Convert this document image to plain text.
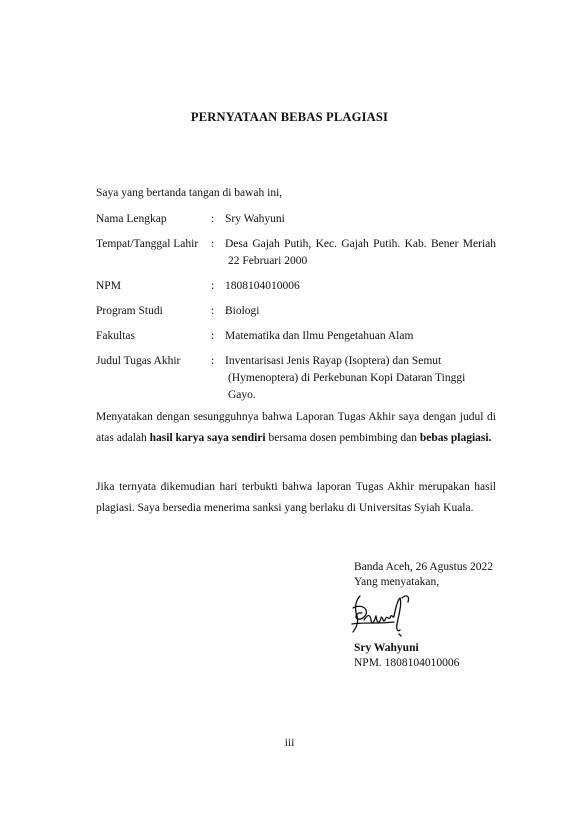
PERNYATAAN BEBAS PLAGIASI
Saya yang bertanda tangan di bawah ini,
Nama Lengkap	: Sry Wahyuni
Tempat/Tanggal Lahir	: Desa Gajah Putih, Kec. Gajah Putih. Kab. Bener Meriah
22 Februari 2000
NPM	: 1808104010006
Program Studi	: Biologi
Fakultas	: Matematika dan Ilmu Pengetahuan Alam
Judul Tugas Akhir	: Inventarisasi Jenis Rayap (Isoptera) dan Semut
(Hymenoptera) di Perkebunan Kopi Dataran Tinggi
Gayo.
Menyatakan dengan sesungguhnya bahwa Laporan Tugas Akhir saya dengan judul di atas adalah hasil karya saya sendiri bersama dosen pembimbing dan bebas plagiasi.
Jika ternyata dikemudian hari terbukti bahwa laporan Tugas Akhir merupakan hasil plagiasi. Saya bersedia menerima sanksi yang berlaku di Universitas Syiah Kuala.
Banda Aceh, 26 Agustus 2022
Yang menyatakan,
Sry Wahyuni
NPM. 1808104010006
iii
